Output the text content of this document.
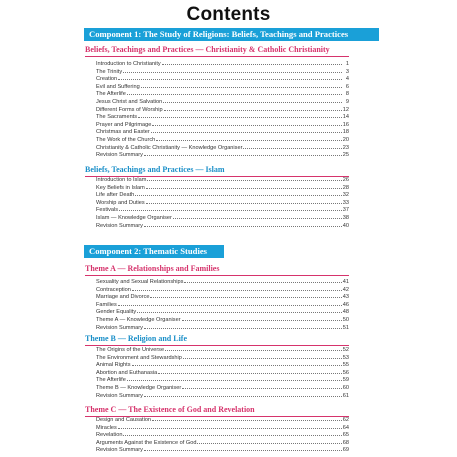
Contents
Component 1: The Study of Religions: Beliefs, Teachings and Practices
Beliefs, Teachings and Practices — Christianity & Catholic Christianity
Introduction to Christianity	1
The Trinity	3
Creation	4
Evil and Suffering	6
The Afterlife	8
Jesus Christ and Salvation	9
Different Forms of Worship	12
The Sacraments	14
Prayer and Pilgrimage	16
Christmas and Easter	18
The Work of the Church	20
Christianity & Catholic Christianity — Knowledge Organiser	23
Revision Summary	25
Beliefs, Teachings and Practices — Islam
Introduction to Islam	26
Key Beliefs in Islam	28
Life after Death	32
Worship and Duties	33
Festivals	37
Islam — Knowledge Organiser	38
Revision Summary	40
Component 2: Thematic Studies
Theme A — Relationships and Families
Sexuality and Sexual Relationships	41
Contraception	42
Marriage and Divorce	43
Families	46
Gender Equality	48
Theme A — Knowledge Organiser	50
Revision Summary	51
Theme B — Religion and Life
The Origins of the Universe	52
The Environment and Stewardship	53
Animal Rights	55
Abortion and Euthanasia	56
The Afterlife	59
Theme B — Knowledge Organiser	60
Revision Summary	61
Theme C — The Existence of God and Revelation
Design and Causation	62
Miracles	64
Revelation	65
Arguments Against the Existence of God	68
Revision Summary	69
